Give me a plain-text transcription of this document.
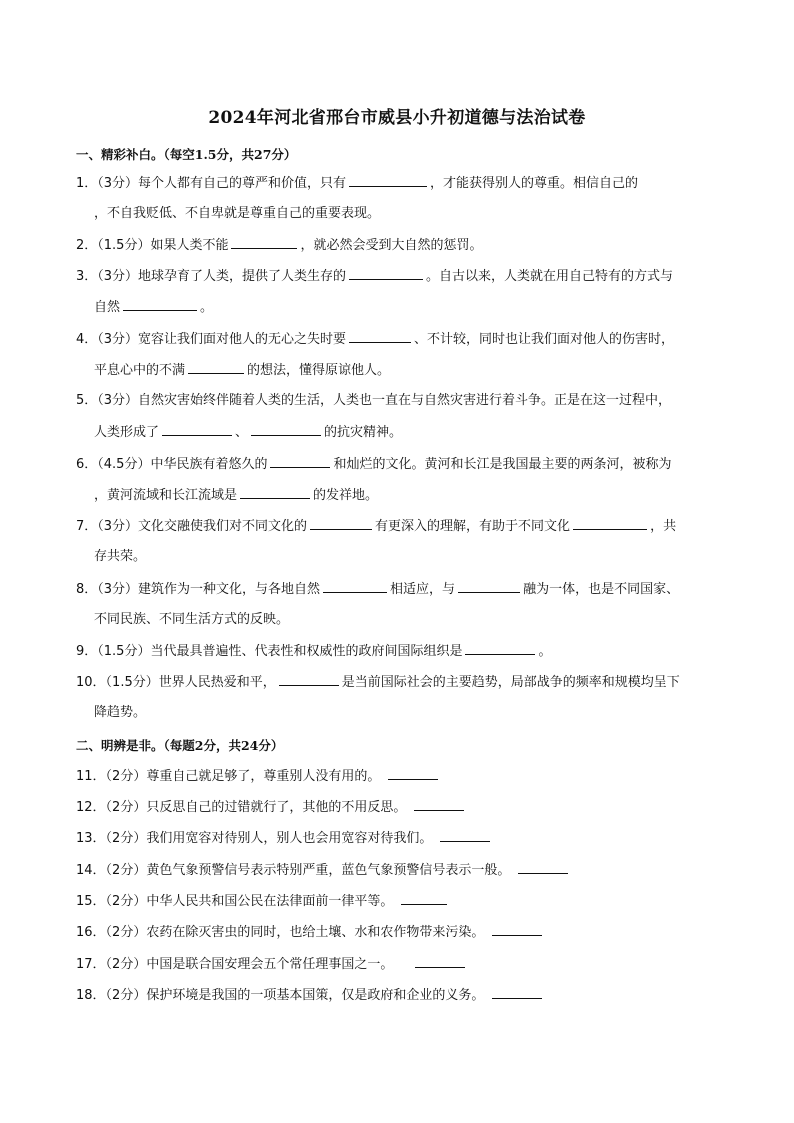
2024年河北省邢台市威县小升初道德与法治试卷
一、精彩补白。（每空1.5分，共27分）
1．（3分）每个人都有自己的尊严和价值，只有	，才能获得别人的尊重。相信自己的
，不自我贬低、不自卑就是尊重自己的重要表现。
2．（1.5分）如果人类不能	，就必然会受到大自然的惩罚。
3．（3分）地球孕育了人类，提供了人类生存的	。自古以来，人类就在用自己特有的方式与
自然	。
4．（3分）宽容让我们面对他人的无心之失时要	、不计较，同时也让我们面对他人的伤害时，
平息心中的不满	的想法，懂得原谅他人。
5．（3分）自然灾害始终伴随着人类的生活，人类也一直在与自然灾害进行着斗争。正是在这一过程中，
人类形成了	、	的抗灾精神。
6．（4.5分）中华民族有着悠久的	和灿烂的文化。黄河和长江是我国最主要的两条河，被称为
，黄河流域和长江流域是	的发祥地。
7．（3分）文化交融使我们对不同文化的	有更深入的理解，有助于不同文化	，共
存共荣。
8．（3分）建筑作为一种文化，与各地自然	相适应，与	融为一体，也是不同国家、
不同民族、不同生活方式的反映。
9．（1.5分）当代最具普遍性、代表性和权威性的政府间国际组织是	。
10．（1.5分）世界人民热爱和平，	是当前国际社会的主要趋势，局部战争的频率和规模均呈下
降趋势。
二、明辨是非。（每题2分，共24分）
11．（2分）尊重自己就足够了，尊重别人没有用的。
12．（2分）只反思自己的过错就行了，其他的不用反思。
13．（2分）我们用宽容对待别人，别人也会用宽容对待我们。
14．（2分）黄色气象预警信号表示特别严重，蓝色气象预警信号表示一般。
15．（2分）中华人民共和国公民在法律面前一律平等。
16．（2分）农药在除灭害虫的同时，也给土壤、水和农作物带来污染。
17．（2分）中国是联合国安理会五个常任理事国之一。
18．（2分）保护环境是我国的一项基本国策，仅是政府和企业的义务。
